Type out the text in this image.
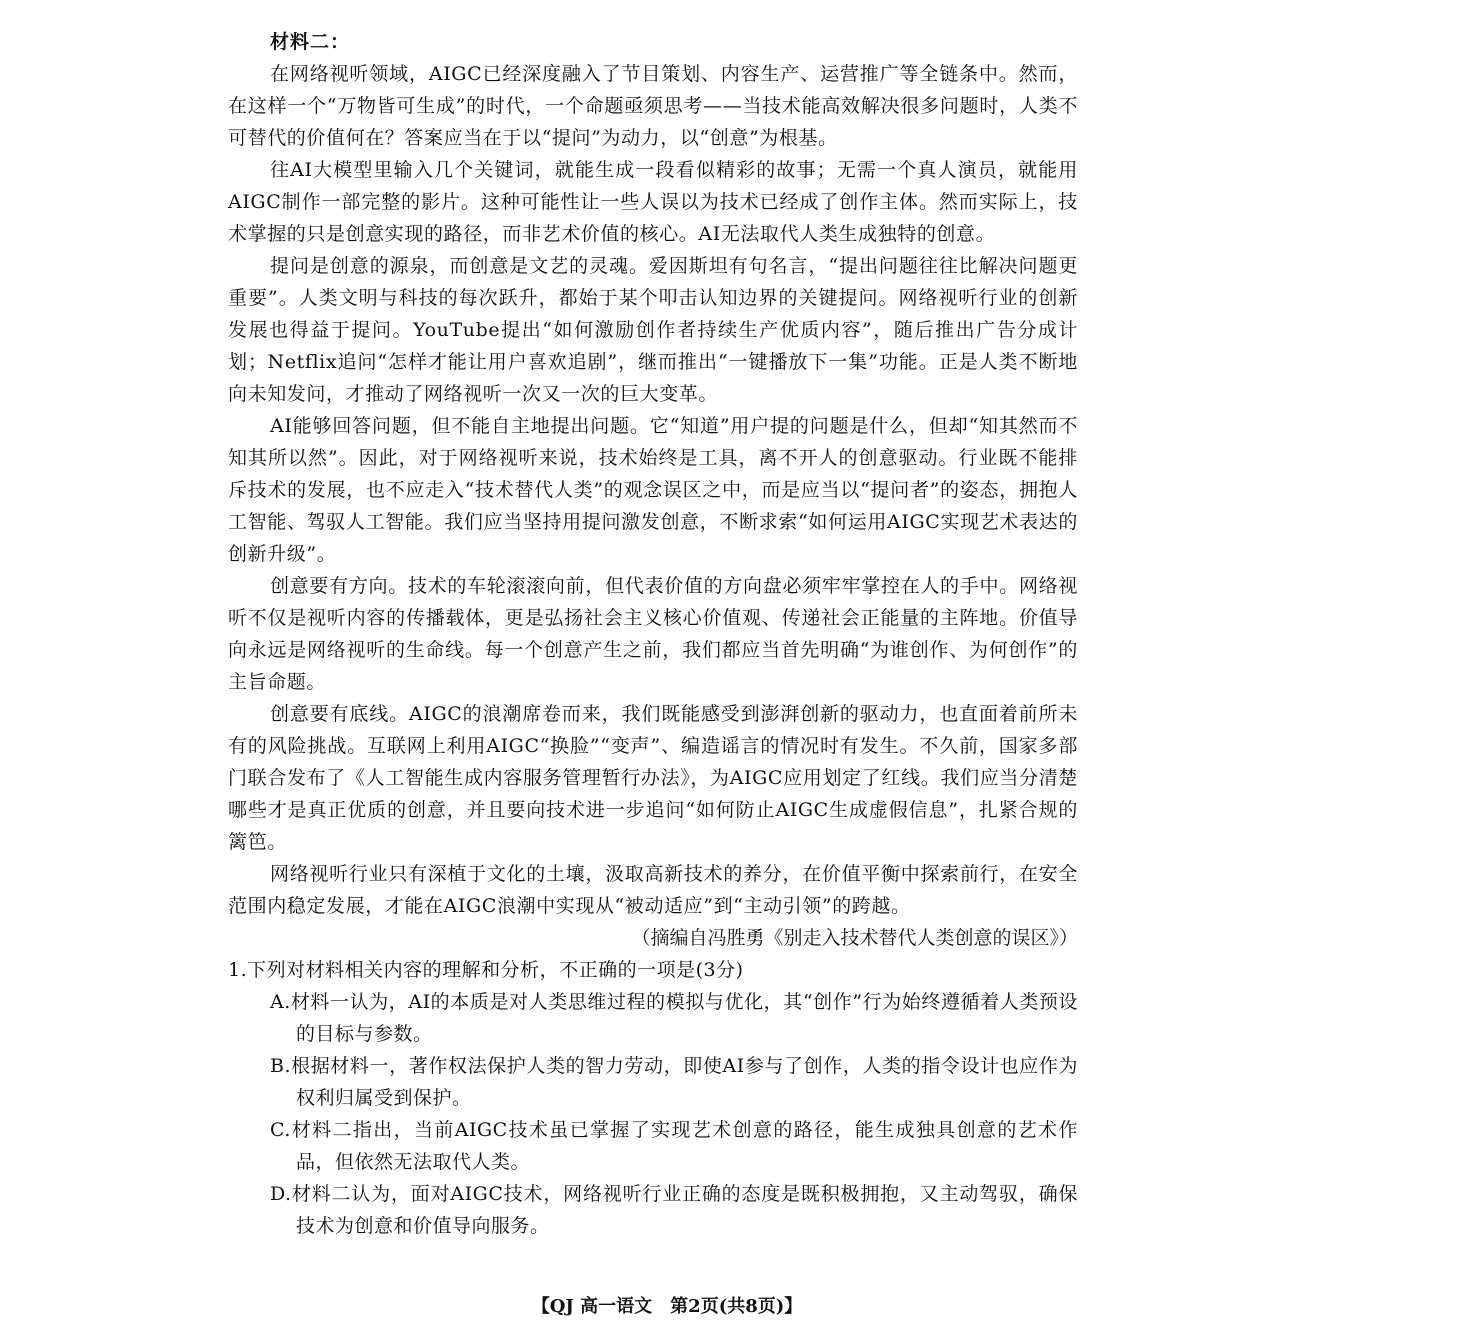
材料二：

在网络视听领域，AIGC已经深度融入了节目策划、内容生产、运营推广等全链条中。然而，在这样一个“万物皆可生成”的时代，一个命题亟须思考——当技术能高效解决很多问题时，人类不可替代的价值何在？答案应当在于以“提问”为动力，以“创意”为根基。

往AI大模型里输入几个关键词，就能生成一段看似精彩的故事；无需一个真人演员，就能用AIGC制作一部完整的影片。这种可能性让一些人误以为技术已经成了创作主体。然而实际上，技术掌握的只是创意实现的路径，而非艺术价值的核心。AI无法取代人类生成独特的创意。

提问是创意的源泉，而创意是文艺的灵魂。爱因斯坦有句名言，“提出问题往往比解决问题更重要”。人类文明与科技的每次跃升，都始于某个叩击认知边界的关键提问。网络视听行业的创新发展也得益于提问。YouTube提出“如何激励创作者持续生产优质内容”，随后推出广告分成计划；Netflix追问“怎样才能让用户喜欢追剧”，继而推出“一键播放下一集”功能。正是人类不断地向未知发问，才推动了网络视听一次又一次的巨大变革。

AI能够回答问题，但不能自主地提出问题。它“知道”用户提的问题是什么，但却“知其然而不知其所以然”。因此，对于网络视听来说，技术始终是工具，离不开人的创意驱动。行业既不能排斥技术的发展，也不应走入“技术替代人类”的观念误区之中，而是应当以“提问者”的姿态，拥抱人工智能、驾驭人工智能。我们应当坚持用提问激发创意，不断求索“如何运用AIGC实现艺术表达的创新升级”。

创意要有方向。技术的车轮滚滚向前，但代表价值的方向盘必须牢牢掌控在人的手中。网络视听不仅是视听内容的传播载体，更是弘扬社会主义核心价值观、传递社会正能量的主阵地。价值导向永远是网络视听的生命线。每一个创意产生之前，我们都应当首先明确“为谁创作、为何创作”的主旨命题。

创意要有底线。AIGC的浪潮席卷而来，我们既能感受到澎湃创新的驱动力，也直面着前所未有的风险挑战。互联网上利用AIGC“换脸”“变声”、编造谣言的情况时有发生。不久前，国家多部门联合发布了《人工智能生成内容服务管理暂行办法》，为AIGC应用划定了红线。我们应当分清楚哪些才是真正优质的创意，并且要向技术进一步追问“如何防止AIGC生成虚假信息”，扎紧合规的篱笆。

网络视听行业只有深植于文化的土壤，汲取高新技术的养分，在价值平衡中探索前行，在安全范围内稳定发展，才能在AIGC浪潮中实现从“被动适应”到“主动引领”的跨越。

（摘编自冯胜勇《别走入技术替代人类创意的误区》）

1.下列对材料相关内容的理解和分析，不正确的一项是(3分)

A.材料一认为，AI的本质是对人类思维过程的模拟与优化，其“创作”行为始终遵循着人类预设的目标与参数。

B.根据材料一，著作权法保护人类的智力劳动，即使AI参与了创作，人类的指令设计也应作为权利归属受到保护。

C.材料二指出，当前AIGC技术虽已掌握了实现艺术创意的路径，能生成独具创意的艺术作品，但依然无法取代人类。

D.材料二认为，面对AIGC技术，网络视听行业正确的态度是既积极拥抱，又主动驾驭，确保技术为创意和价值导向服务。

【QJ 高一语文　第2页(共8页)】
